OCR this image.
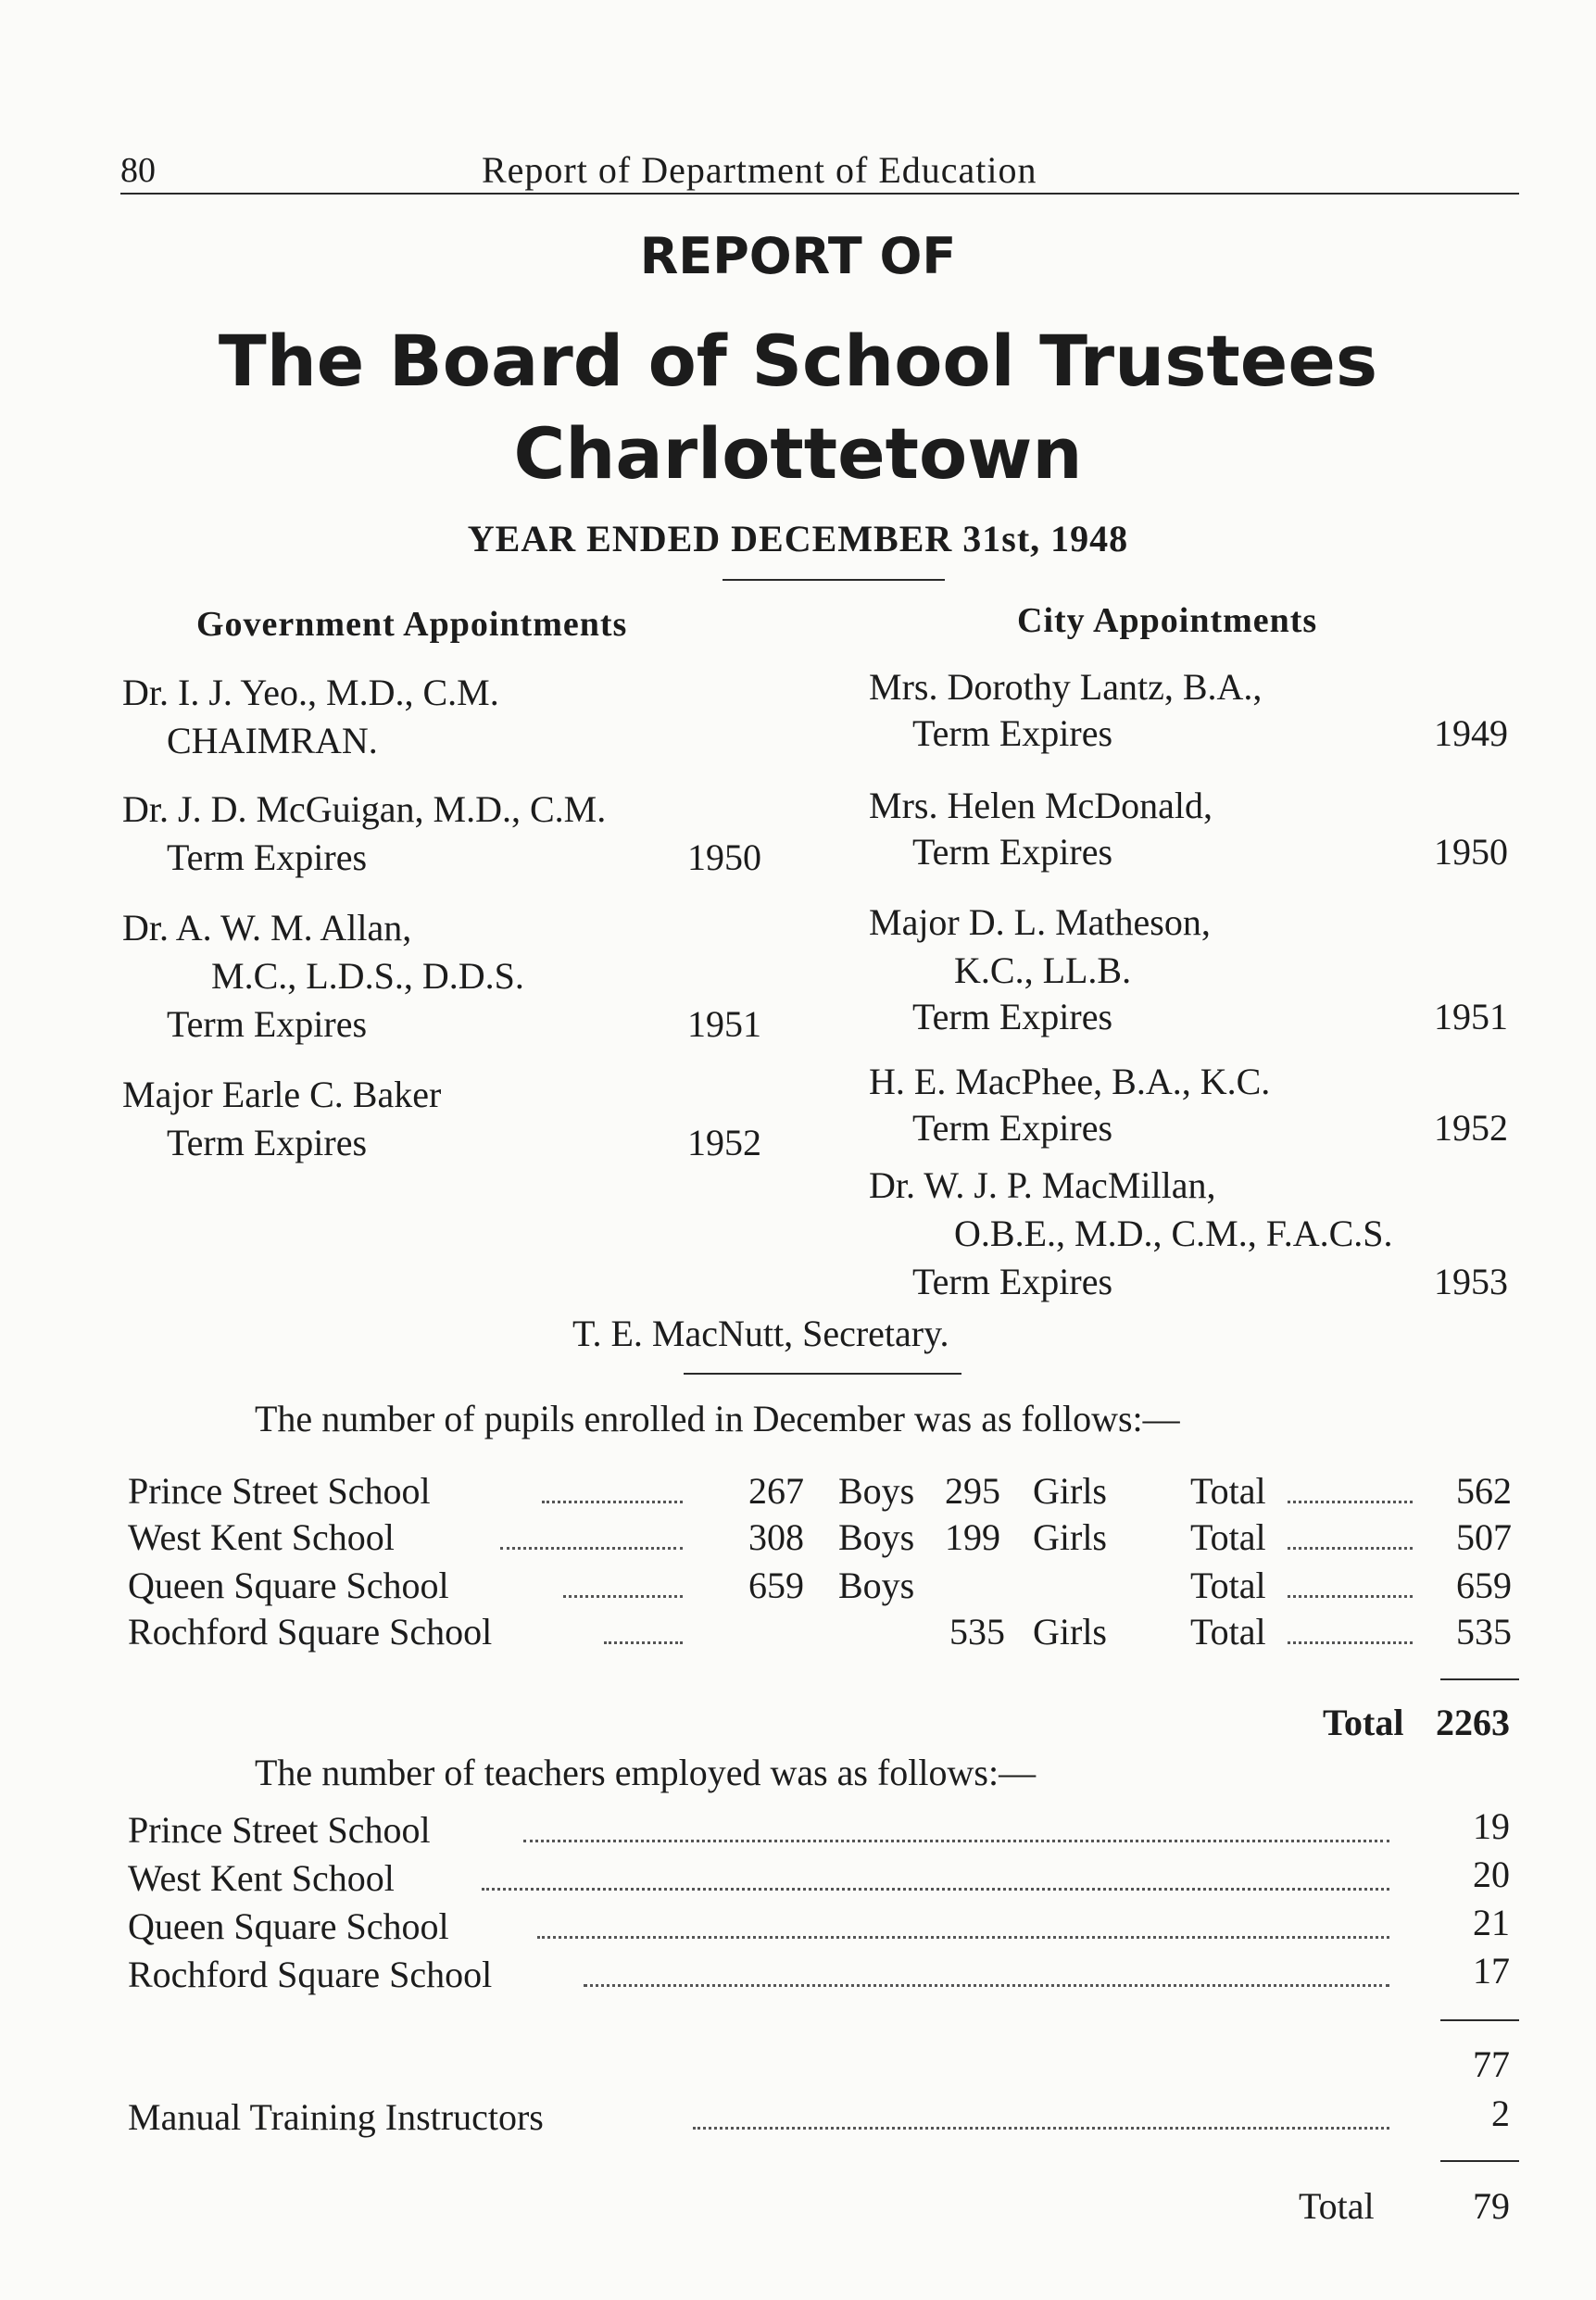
80	Report of Department of Education
REPORT OF
The Board of School Trustees
Charlottetown
YEAR ENDED DECEMBER 31st, 1948
Government Appointments
Dr. I. J. Yeo., M.D., C.M.
CHAIMRAN.
Dr. J. D. McGuigan, M.D., C.M.
Term Expires	1950
Dr. A. W. M. Allan,
M.C., L.D.S., D.D.S.
Term Expires	1951
Major Earle C. Baker
Term Expires	1952
City Appointments
Mrs. Dorothy Lantz, B.A.,
Term Expires	1949
Mrs. Helen McDonald,
Term Expires	1950
Major D. L. Matheson,
K.C., LL.B.
Term Expires	1951
H. E. MacPhee, B.A., K.C.
Term Expires	1952
Dr. W. J. P. MacMillan,
O.B.E., M.D., C.M., F.A.C.S.
Term Expires	1953
T. E. MacNutt, Secretary.
The number of pupils enrolled in December was as follows:—
Prince Street School	267 Boys 295 Girls Total	562
West Kent School	308 Boys 199 Girls Total	507
Queen Square School	659 Boys	Total	659
Rochford Square School	535 Girls Total	535
Total 2263
The number of teachers employed was as follows:—
Prince Street School	19
West Kent School	20
Queen Square School	21
Rochford Square School	17
77
Manual Training Instructors	2
Total	79
